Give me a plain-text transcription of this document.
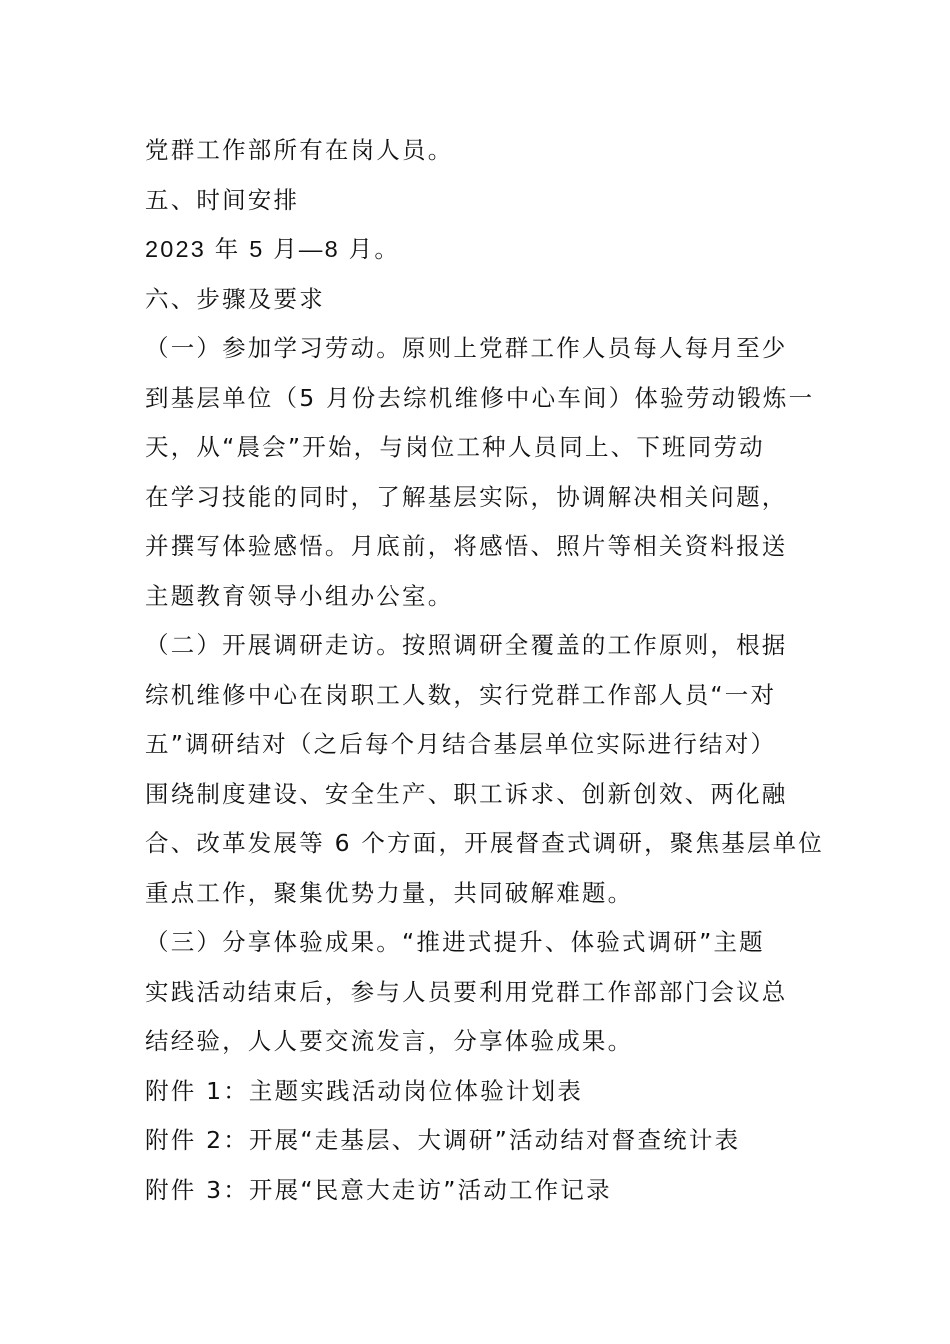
党群工作部所有在岗人员。
五、时间安排
2023 年 5 月—8 月。
六、步骤及要求
（一）参加学习劳动。原则上党群工作人员每人每月至少
到基层单位（5 月份去综机维修中心车间）体验劳动锻炼一
天，从“晨会”开始，与岗位工种人员同上、下班同劳动
在学习技能的同时，了解基层实际，协调解决相关问题，
并撰写体验感悟。月底前，将感悟、照片等相关资料报送
主题教育领导小组办公室。
（二）开展调研走访。按照调研全覆盖的工作原则，根据
综机维修中心在岗职工人数，实行党群工作部人员“一对
五”调研结对（之后每个月结合基层单位实际进行结对）
围绕制度建设、安全生产、职工诉求、创新创效、两化融
合、改革发展等 6 个方面，开展督查式调研，聚焦基层单位
重点工作，聚集优势力量，共同破解难题。
（三）分享体验成果。“推进式提升、体验式调研”主题
实践活动结束后，参与人员要利用党群工作部部门会议总
结经验，人人要交流发言，分享体验成果。
附件 1：主题实践活动岗位体验计划表
附件 2：开展“走基层、大调研”活动结对督查统计表
附件 3：开展“民意大走访”活动工作记录
